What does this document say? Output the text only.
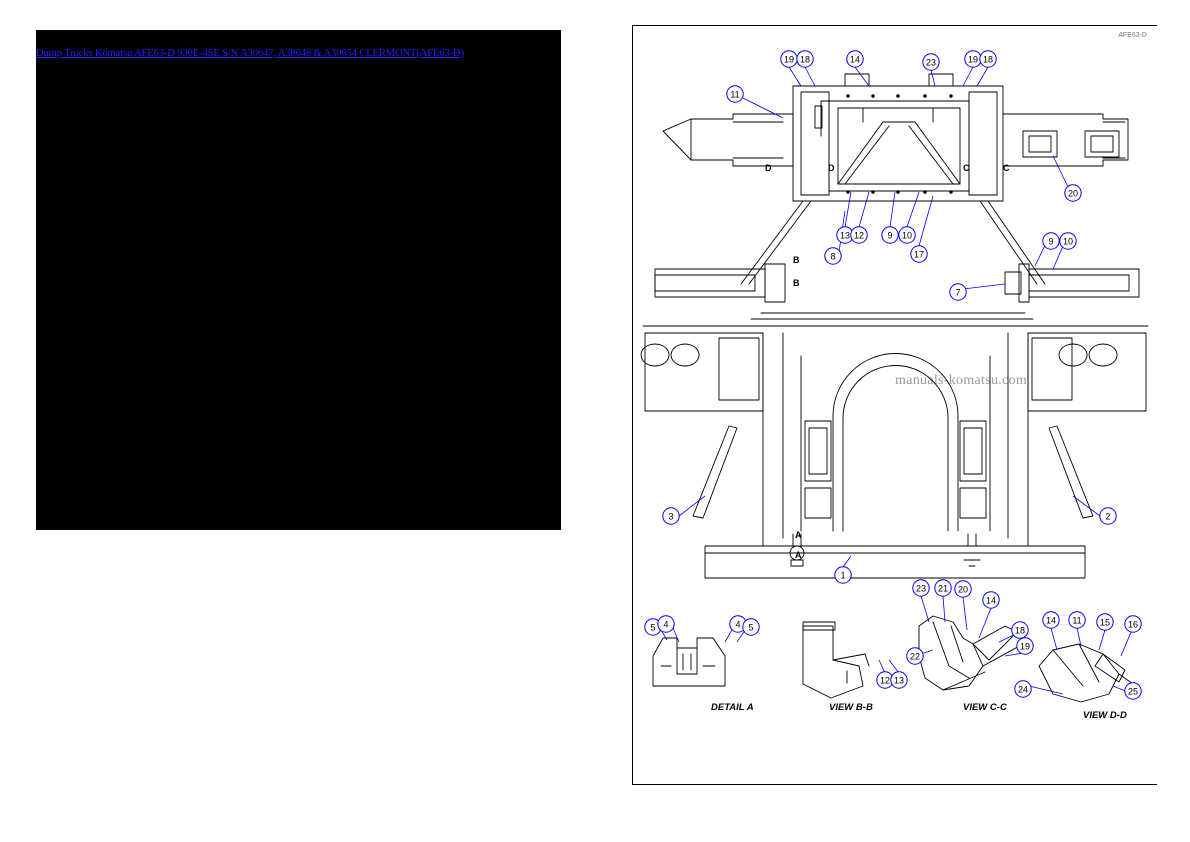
Dump Trucks Komatsu AFE63-D 930E-4SE S/N A30647, A30648 & A30654 CLERMONT(AFE63-D)
AFE63-D
manuals-komatsu.com
19 18	14	23	19 18
11
20
13 12	9 10
8	17
9 10
7
3	2
1
5 4	4 5
12 13
23 21 20
14
22
18
19
14 11 15 16
24	25
D	D	C	C
B
B
A
A
DETAIL A	VIEW B-B	VIEW C-C
VIEW D-D
